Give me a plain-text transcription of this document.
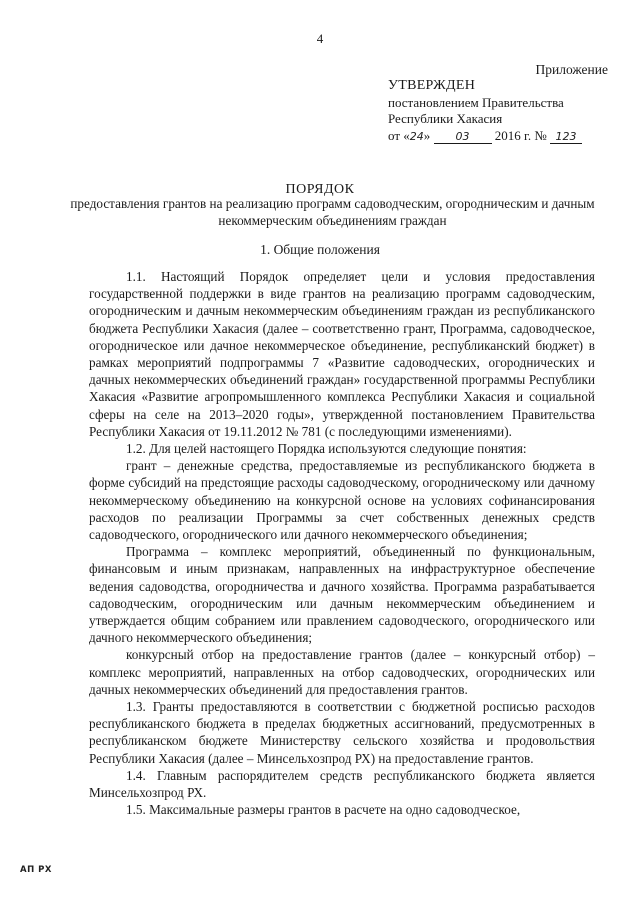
4
Приложение
УТВЕРЖДЕН
постановлением Правительства
Республики Хакасия
от «24» 03 2016 г. № 123
ПОРЯДОК
предоставления грантов на реализацию программ садоводческим, огородническим и дачным некоммерческим объединениям граждан
1. Общие положения

1.1. Настоящий Порядок определяет цели и условия предоставления государственной поддержки в виде грантов на реализацию программ садоводческим, огородническим и дачным некоммерческим объединениям граждан из республиканского бюджета Республики Хакасия (далее – соответственно грант, Программа, садоводческое, огородническое или дачное некоммерческое объединение, республиканский бюджет) в рамках мероприятий подпрограммы 7 «Развитие садоводческих, огороднических и дачных некоммерческих объединений граждан» государственной программы Республики Хакасия «Развитие агропромышленного комплекса Республики Хакасия и социальной сферы на селе на 2013–2020 годы», утвержденной постановлением Правительства Республики Хакасия от 19.11.2012 № 781 (с последующими изменениями).

1.2. Для целей настоящего Порядка используются следующие понятия:

грант – денежные средства, предоставляемые из республиканского бюджета в форме субсидий на предстоящие расходы садоводческому, огородническому или дачному некоммерческому объединению на конкурсной основе на условиях софинансирования расходов по реализации Программы за счет собственных денежных средств садоводческого, огороднического или дачного некоммерческого объединения;

Программа – комплекс мероприятий, объединенный по функциональным, финансовым и иным признакам, направленных на инфраструктурное обеспечение ведения садоводства, огородничества и дачного хозяйства. Программа разрабатывается садоводческим, огородническим или дачным некоммерческим объединением и утверждается общим собранием или правлением садоводческого, огороднического или дачного некоммерческого объединения;

конкурсный отбор на предоставление грантов (далее – конкурсный отбор) – комплекс мероприятий, направленных на отбор садоводческих, огороднических или дачных некоммерческих объединений для предоставления грантов.

1.3. Гранты предоставляются в соответствии с бюджетной росписью расходов республиканского бюджета в пределах бюджетных ассигнований, предусмотренных в республиканском бюджете Министерству сельского хозяйства и продовольствия Республики Хакасия (далее – Минсельхозпрод РХ) на предоставление грантов.

1.4. Главным распорядителем средств республиканского бюджета является Минсельхозпрод РХ.

1.5. Максимальные размеры грантов в расчете на одно садоводческое,

АП РХ
